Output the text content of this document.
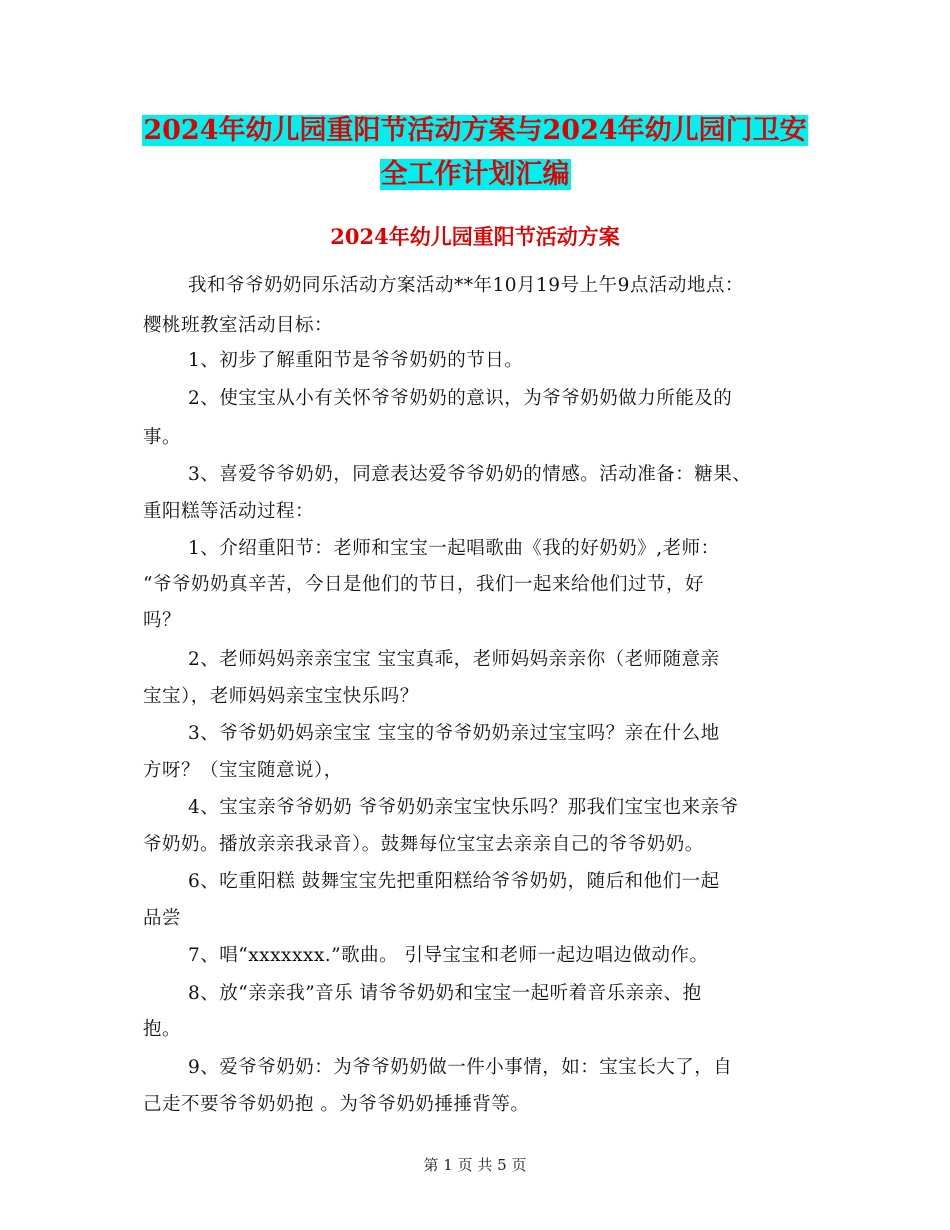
2024年幼儿园重阳节活动方案与2024年幼儿园门卫安
全工作计划汇编
2024年幼儿园重阳节活动方案
我和爷爷奶奶同乐活动方案活动**年10月19号上午9点活动地点：
樱桃班教室活动目标：
1、初步了解重阳节是爷爷奶奶的节日。
2、使宝宝从小有关怀爷爷奶奶的意识，为爷爷奶奶做力所能及的
事。
3、喜爱爷爷奶奶，同意表达爱爷爷奶奶的情感。活动准备：糖果、
重阳糕等活动过程：
1、介绍重阳节：老师和宝宝一起唱歌曲《我的好奶奶》,老师：
“爷爷奶奶真辛苦，今日是他们的节日，我们一起来给他们过节，好
吗？
2、老师妈妈亲亲宝宝 宝宝真乖，老师妈妈亲亲你（老师随意亲
宝宝），老师妈妈亲宝宝快乐吗？
3、爷爷奶奶妈亲宝宝 宝宝的爷爷奶奶亲过宝宝吗？亲在什么地
方呀？（宝宝随意说），
4、宝宝亲爷爷奶奶 爷爷奶奶亲宝宝快乐吗？那我们宝宝也来亲爷
爷奶奶。播放亲亲我录音）。鼓舞每位宝宝去亲亲自己的爷爷奶奶。
6、吃重阳糕 鼓舞宝宝先把重阳糕给爷爷奶奶，随后和他们一起
品尝
7、唱“xxxxxxx.”歌曲。 引导宝宝和老师一起边唱边做动作。
8、放“亲亲我”音乐 请爷爷奶奶和宝宝一起听着音乐亲亲、抱
抱。
9、爱爷爷奶奶：为爷爷奶奶做一件小事情，如：宝宝长大了，自
己走不要爷爷奶奶抱 。为爷爷奶奶捶捶背等。
第 1 页 共 5 页
